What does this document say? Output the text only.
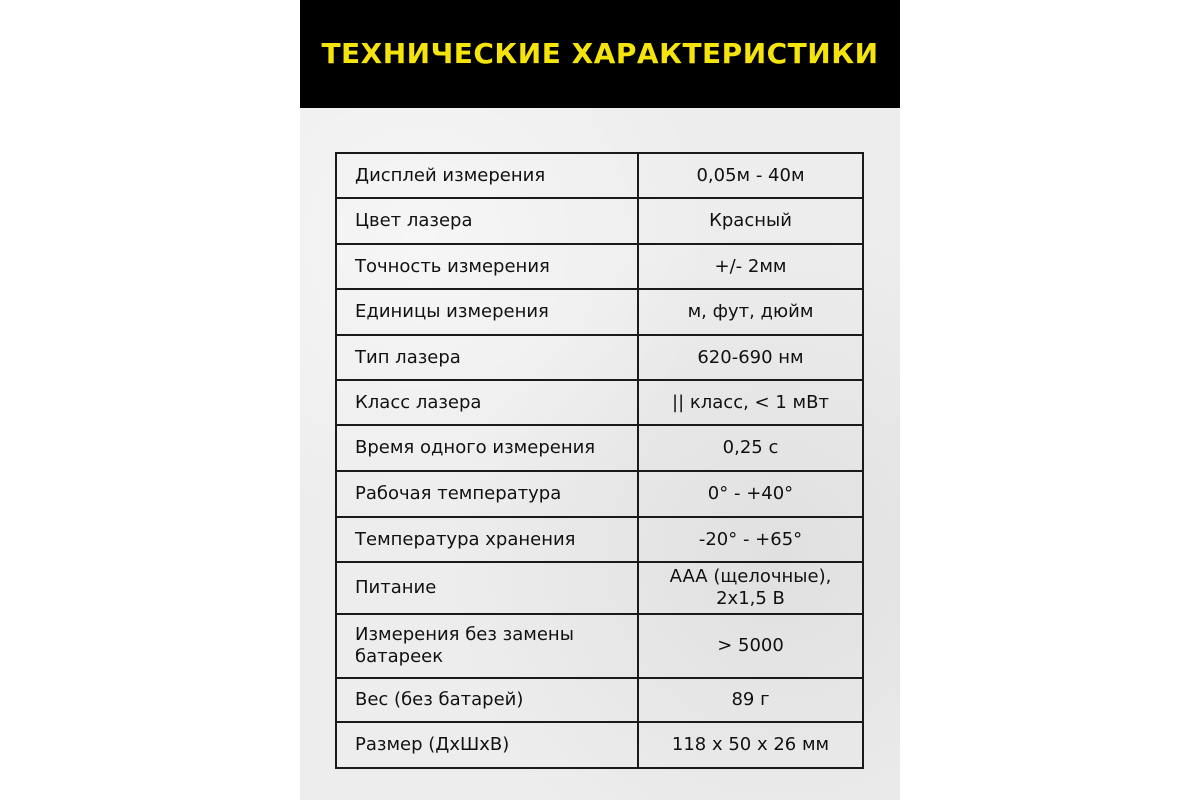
ТЕХНИЧЕСКИЕ ХАРАКТЕРИСТИКИ
Дисплей измерения	0,05м - 40м
Цвет лазера	Красный
Точность измерения	+/- 2мм
Единицы измерения	м, фут, дюйм
Тип лазера	620-690 нм
Класс лазера	|| класс, < 1 мВт
Время одного измерения	0,25 с
Рабочая температура	0° - +40°
Температура хранения	-20° - +65°
Питание	AAA (щелочные),
2x1,5 В
Измерения без замены
батареек	> 5000
Вес (без батарей)	89 г
Размер (ДхШхВ)	118 x 50 x 26 мм
